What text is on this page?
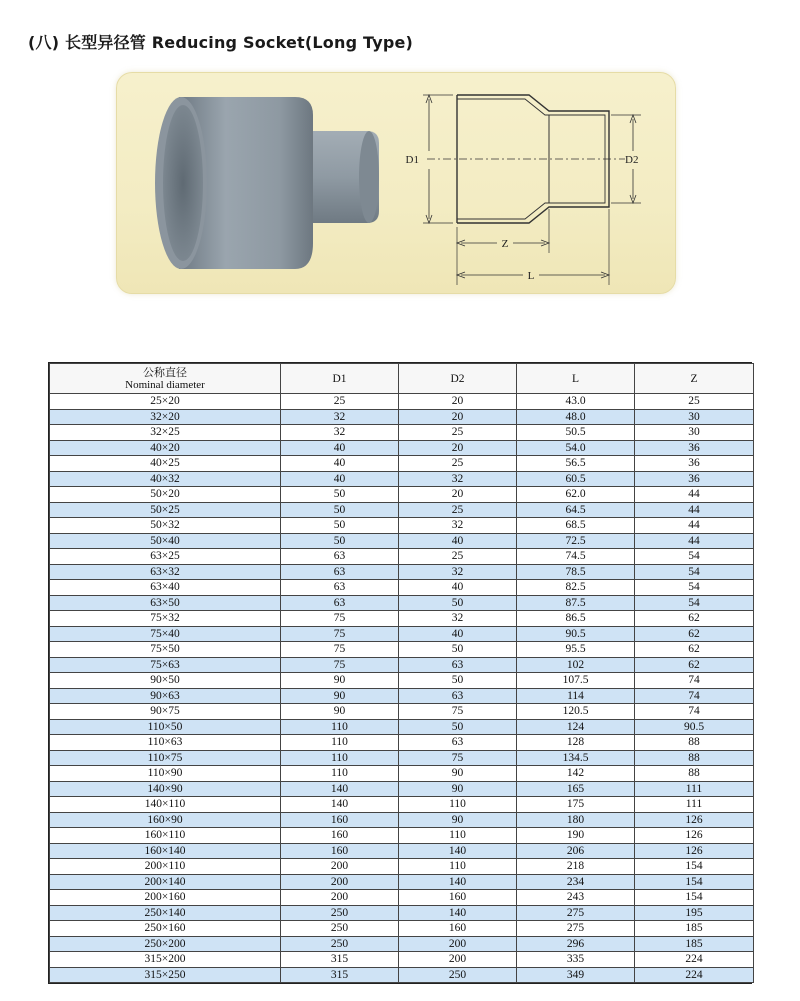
(八) 长型异径管 Reducing Socket(Long Type)
D1	D2
Z
L
公称直径
Nominal diameter	D1	D2	L	Z
25×20	25	20	43.0	25
32×20	32	20	48.0	30
32×25	32	25	50.5	30
40×20	40	20	54.0	36
40×25	40	25	56.5	36
40×32	40	32	60.5	36
50×20	50	20	62.0	44
50×25	50	25	64.5	44
50×32	50	32	68.5	44
50×40	50	40	72.5	44
63×25	63	25	74.5	54
63×32	63	32	78.5	54
63×40	63	40	82.5	54
63×50	63	50	87.5	54
75×32	75	32	86.5	62
75×40	75	40	90.5	62
75×50	75	50	95.5	62
75×63	75	63	102	62
90×50	90	50	107.5	74
90×63	90	63	114	74
90×75	90	75	120.5	74
110×50	110	50	124	90.5
110×63	110	63	128	88
110×75	110	75	134.5	88
110×90	110	90	142	88
140×90	140	90	165	111
140×110	140	110	175	111
160×90	160	90	180	126
160×110	160	110	190	126
160×140	160	140	206	126
200×110	200	110	218	154
200×140	200	140	234	154
200×160	200	160	243	154
250×140	250	140	275	195
250×160	250	160	275	185
250×200	250	200	296	185
315×200	315	200	335	224
315×250	315	250	349	224
